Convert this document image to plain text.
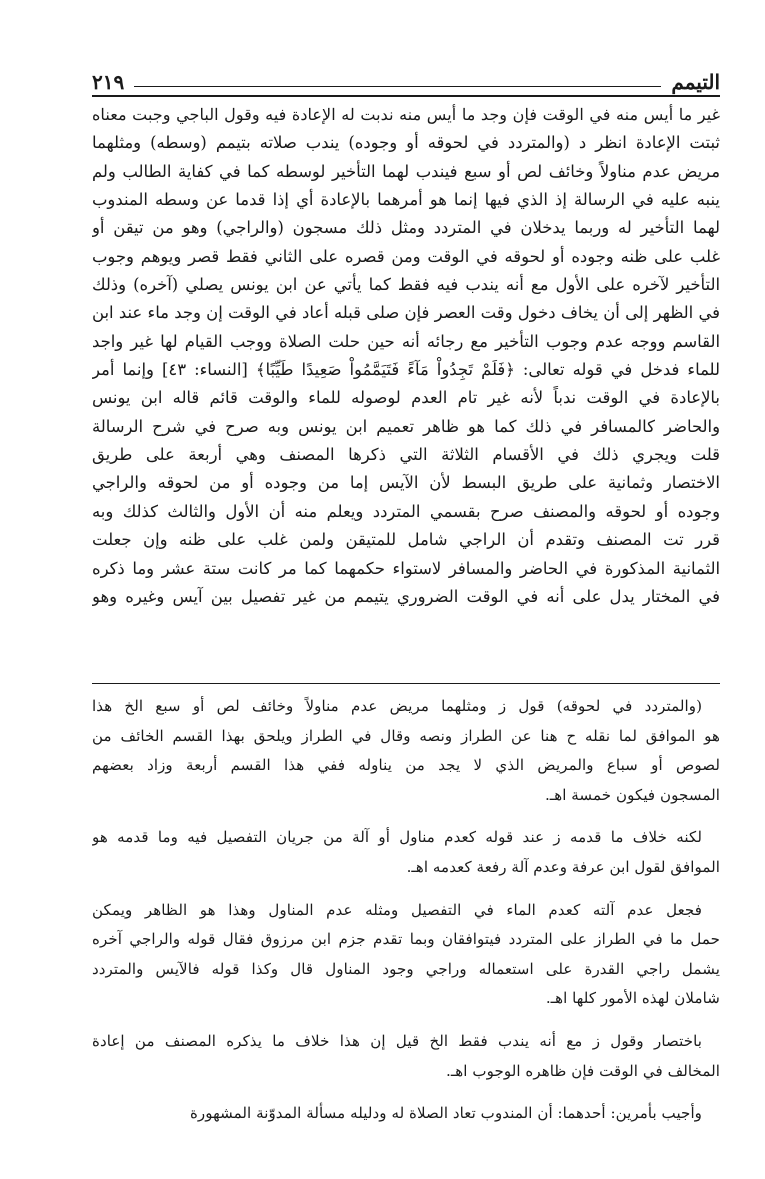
التيمم
٢١٩
غير ما أيس منه في الوقت فإن وجد ما أيس منه ندبت له الإعادة فيه وقول الباجي وجبت معناه
ثبتت الإعادة انظر د (والمتردد في لحوقه أو وجوده) يندب صلاته بتيمم (وسطه) ومثلهما
مريض عدم مناولاً وخائف لص أو سبع فيندب لهما التأخير لوسطه كما في كفاية الطالب ولم
ينبه عليه في الرسالة إذ الذي فيها إنما هو أمرهما بالإعادة أي إذا قدما عن وسطه المندوب
لهما التأخير له وربما يدخلان في المتردد ومثل ذلك مسجون (والراجي) وهو من تيقن أو
غلب على ظنه وجوده أو لحوقه في الوقت ومن قصره على الثاني فقط قصر ويوهم وجوب
التأخير لآخره على الأول مع أنه يندب فيه فقط كما يأتي عن ابن يونس يصلي (آخره) وذلك
في الظهر إلى أن يخاف دخول وقت العصر فإن صلى قبله أعاد في الوقت إن وجد ماء عند ابن
القاسم ووجه عدم وجوب التأخير مع رجائه أنه حين حلت الصلاة ووجب القيام لها غير واجد
للماء فدخل في قوله تعالى: ﴿فَلَمْ تَجِدُواْ مَآءً فَتَيَمَّمُواْ صَعِيدًا طَيِّبًا﴾ [النساء: ٤٣] وإنما أمر
بالإعادة في الوقت ندباً لأنه غير تام العدم لوصوله للماء والوقت قائم قاله ابن يونس
والحاضر كالمسافر في ذلك كما هو ظاهر تعميم ابن يونس وبه صرح في شرح الرسالة
قلت ويجري ذلك في الأقسام الثلاثة التي ذكرها المصنف وهي أربعة على طريق
الاختصار وثمانية على طريق البسط لأن الآيس إما من وجوده أو من لحوقه والراجي
وجوده أو لحوقه والمصنف صرح بقسمي المتردد ويعلم منه أن الأول والثالث كذلك وبه
قرر تت المصنف وتقدم أن الراجي شامل للمتيقن ولمن غلب على ظنه وإن جعلت
الثمانية المذكورة في الحاضر والمسافر لاستواء حكمهما كما مر كانت ستة عشر وما ذكره
في المختار يدل على أنه في الوقت الضروري يتيمم من غير تفصيل بين آيس وغيره وهو
(والمتردد في لحوقه) قول ز ومثلهما مريض عدم مناولاً وخائف لص أو سبع الخ هذا
هو الموافق لما نقله ح هنا عن الطراز ونصه وقال في الطراز ويلحق بهذا القسم الخائف من
لصوص أو سباع والمريض الذي لا يجد من يناوله ففي هذا القسم أربعة وزاد بعضهم
المسجون فيكون خمسة اهـ.
لكنه خلاف ما قدمه ز عند قوله كعدم مناول أو آلة من جريان التفصيل فيه وما قدمه هو
الموافق لقول ابن عرفة وعدم آلة رفعة كعدمه اهـ.
فجعل عدم آلته كعدم الماء في التفصيل ومثله عدم المناول وهذا هو الظاهر ويمكن
حمل ما في الطراز على المتردد فيتوافقان وبما تقدم جزم ابن مرزوق فقال قوله والراجي آخره
يشمل راجي القدرة على استعماله وراجي وجود المناول قال وكذا قوله فالآيس والمتردد
شاملان لهذه الأمور كلها اهـ.
باختصار وقول ز مع أنه يندب فقط الخ قيل إن هذا خلاف ما يذكره المصنف من إعادة
المخالف في الوقت فإن ظاهره الوجوب اهـ.
وأجيب بأمرين: أحدهما: أن المندوب تعاد الصلاة له ودليله مسألة المدوّنة المشهورة
